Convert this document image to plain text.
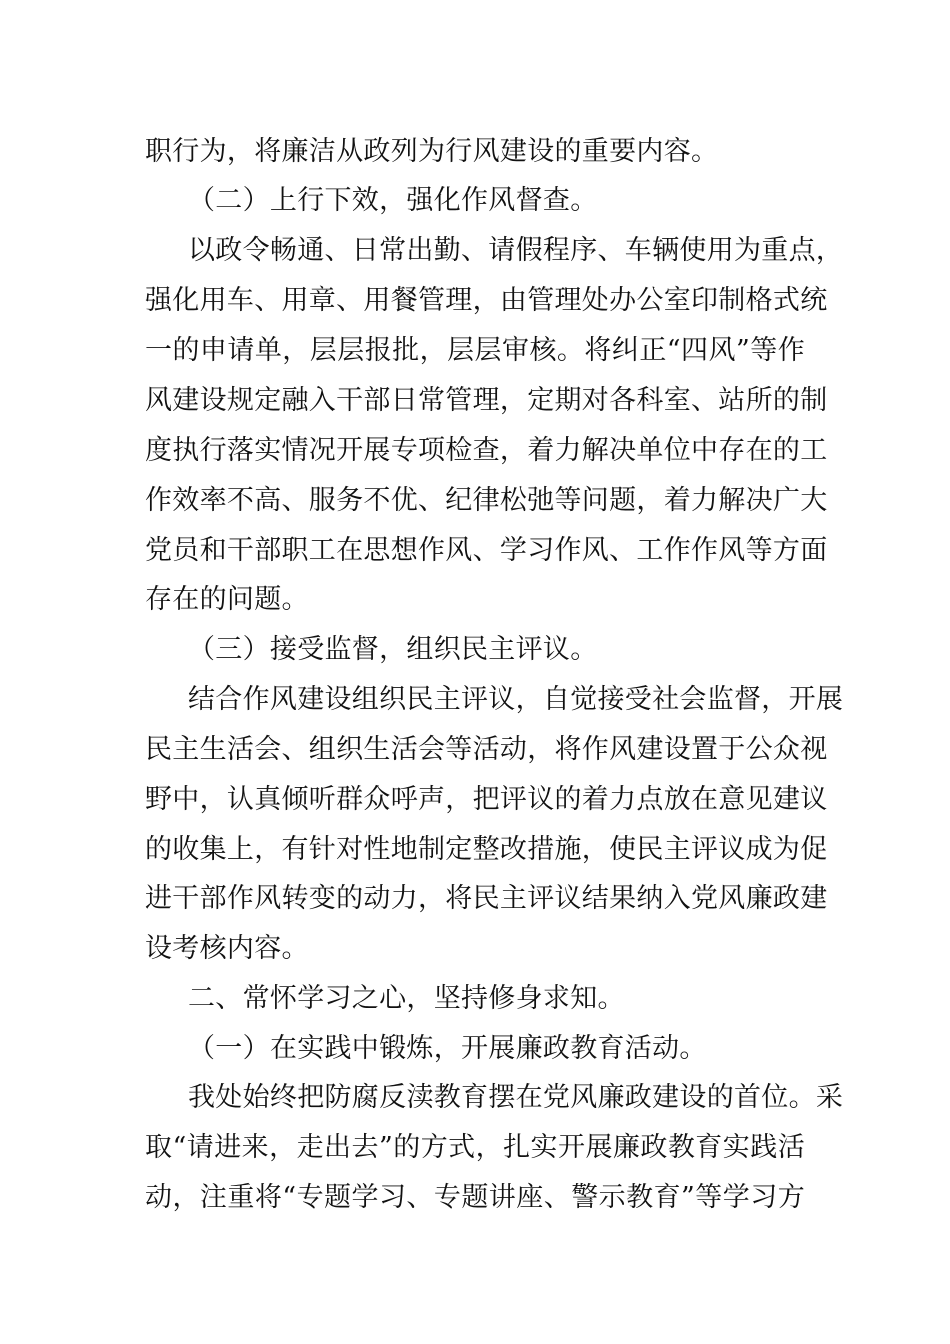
职行为，将廉洁从政列为行风建设的重要内容。
（二）上行下效，强化作风督查。
以政令畅通、日常出勤、请假程序、车辆使用为重点，
强化用车、用章、用餐管理，由管理处办公室印制格式统
一的申请单，层层报批，层层审核。将纠正“四风”等作
风建设规定融入干部日常管理，定期对各科室、站所的制
度执行落实情况开展专项检查，着力解决单位中存在的工
作效率不高、服务不优、纪律松弛等问题，着力解决广大
党员和干部职工在思想作风、学习作风、工作作风等方面
存在的问题。
（三）接受监督，组织民主评议。
结合作风建设组织民主评议，自觉接受社会监督，开展
民主生活会、组织生活会等活动，将作风建设置于公众视
野中，认真倾听群众呼声，把评议的着力点放在意见建议
的收集上，有针对性地制定整改措施，使民主评议成为促
进干部作风转变的动力，将民主评议结果纳入党风廉政建
设考核内容。
二、常怀学习之心，坚持修身求知。
（一）在实践中锻炼，开展廉政教育活动。
我处始终把防腐反渎教育摆在党风廉政建设的首位。采
取“请进来，走出去”的方式，扎实开展廉政教育实践活
动，注重将“专题学习、专题讲座、警示教育”等学习方
